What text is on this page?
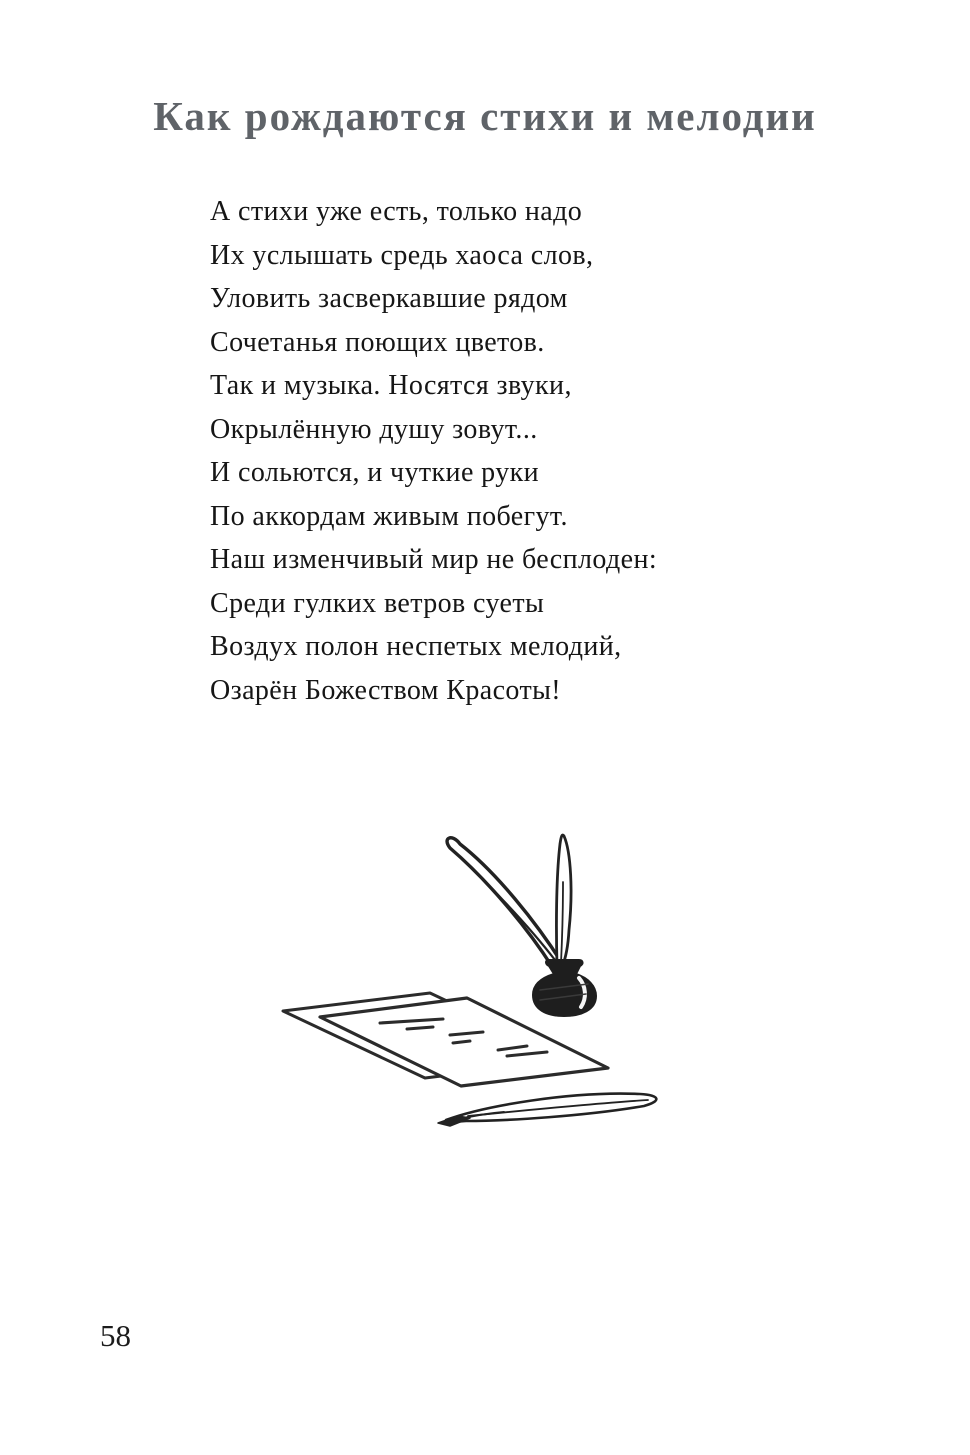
Как рождаются стихи и мелодии
А стихи уже есть, только надо
Их услышать средь хаоса слов,
Уловить засверкавшие рядом
Сочетанья поющих цветов.
Так и музыка. Носятся звуки,
Окрылённую душу зовут...
И сольются, и чуткие руки
По аккордам живым побегут.
Наш изменчивый мир не бесплоден:
Среди гулких ветров суеты
Воздух полон неспетых мелодий,
Озарён Божеством Красоты!
58
